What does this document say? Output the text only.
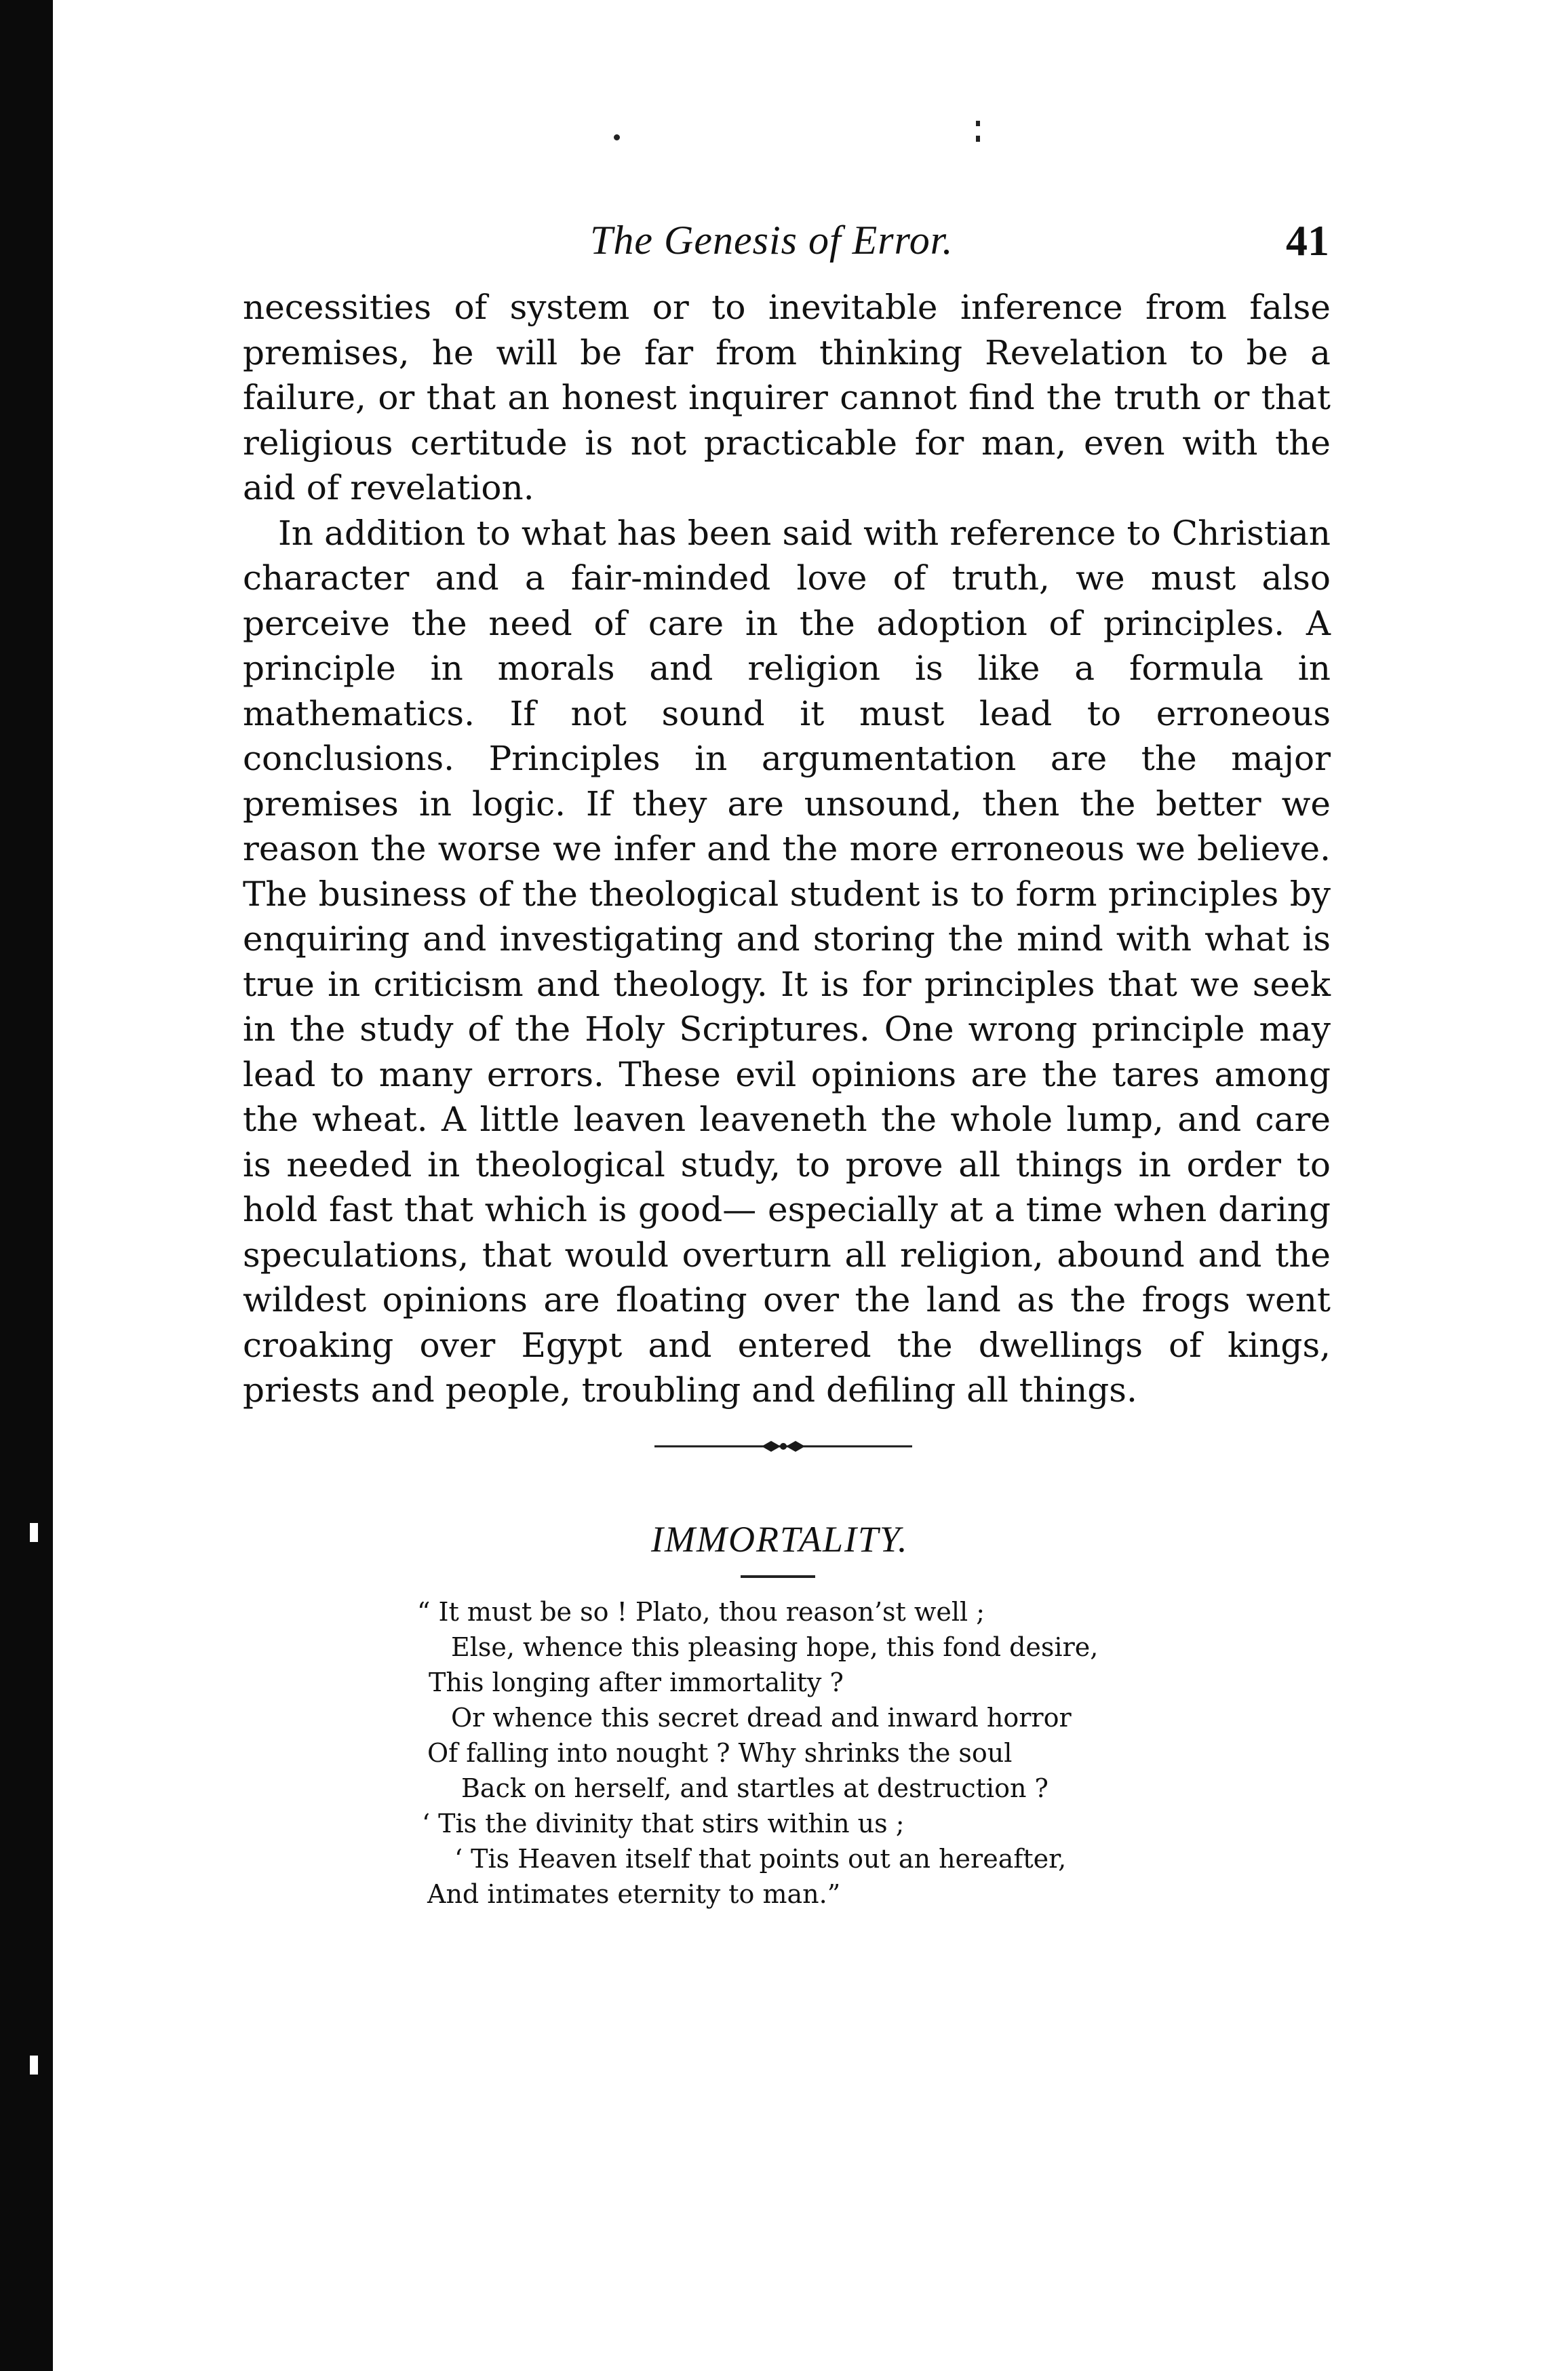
The Genesis of Error.	41

necessities of system or to inevitable inference from false premises, he will be far from thinking Revelation to be a failure, or that an honest inquirer cannot find the truth or that religious certitude is not practicable for man, even with the aid of revelation.

In addition to what has been said with reference to Christian character and a fair-minded love of truth, we must also perceive the need of care in the adoption of principles. A principle in morals and religion is like a formula in mathematics. If not sound it must lead to erroneous conclusions. Principles in argumentation are the major premises in logic. If they are unsound, then the better we reason the worse we infer and the more erroneous we believe. The business of the theological student is to form principles by enquiring and investigating and storing the mind with what is true in criticism and theology. It is for principles that we seek in the study of the Holy Scriptures. One wrong principle may lead to many errors. These evil opinions are the tares among the wheat. A little leaven leaveneth the whole lump, and care is needed in theological study, to prove all things in order to hold fast that which is good— especially at a time when daring speculations, that would overturn all religion, abound and the wildest opinions are floating over the land as the frogs went croaking over Egypt and entered the dwellings of kings, priests and people, troubling and defiling all things.

IMMORTALITY.
“ It must be so ! Plato, thou reason’st well ;
Else, whence this pleasing hope, this fond desire,
This longing after immortality ?
Or whence this secret dread and inward horror
Of falling into nought ? Why shrinks the soul
Back on herself, and startles at destruction ?
‘ Tis the divinity that stirs within us ;
‘ Tis Heaven itself that points out an hereafter,
And intimates eternity to man.”
